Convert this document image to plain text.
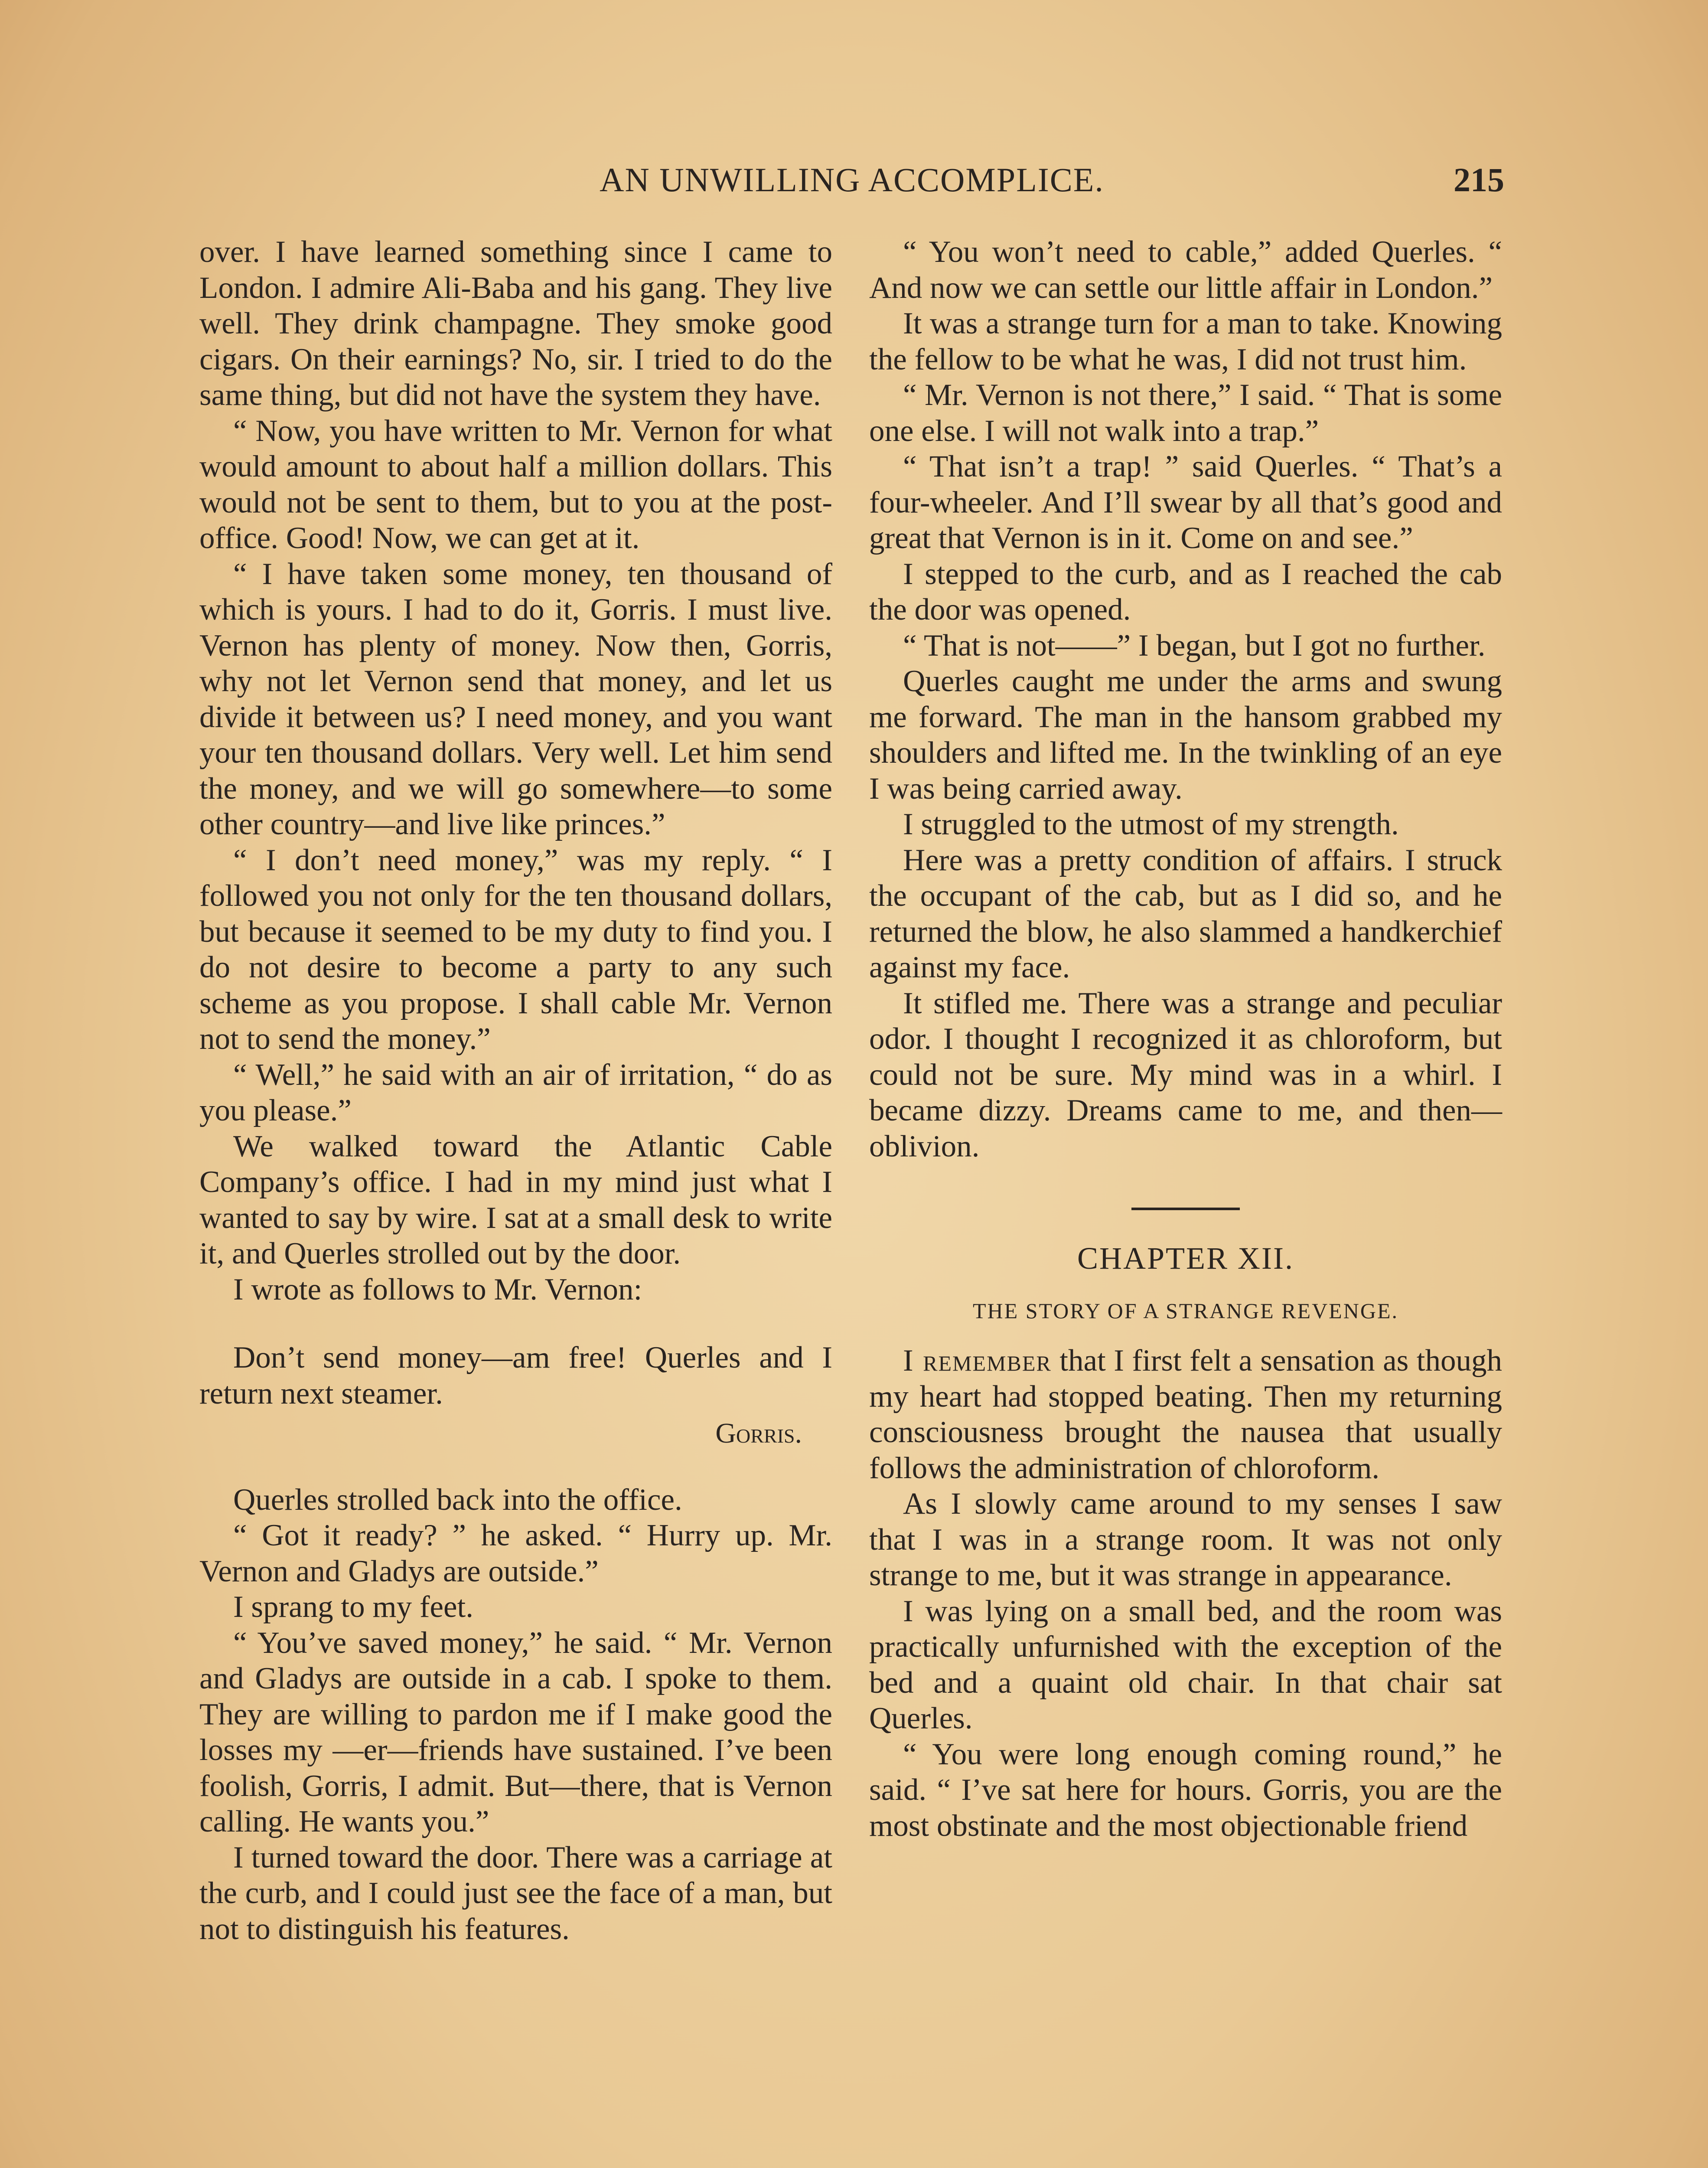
AN UNWILLING ACCOMPLICE.	215

over. I have learned something since I came to London. I admire Ali-Baba and his gang. They live well. They drink champagne. They smoke good cigars. On their earnings? No, sir. I tried to do the same thing, but did not have the system they have.

“ Now, you have written to Mr. Vernon for what would amount to about half a million dollars. This would not be sent to them, but to you at the post-office. Good! Now, we can get at it.

“ I have taken some money, ten thousand of which is yours. I had to do it, Gorris. I must live. Vernon has plenty of money. Now then, Gorris, why not let Vernon send that money, and let us divide it between us? I need money, and you want your ten thousand dollars. Very well. Let him send the money, and we will go somewhere—to some other country—and live like princes.”

“ I don’t need money,” was my reply. “ I followed you not only for the ten thousand dollars, but because it seemed to be my duty to find you. I do not desire to become a party to any such scheme as you propose. I shall cable Mr. Vernon not to send the money.”

“ Well,” he said with an air of irritation, “ do as you please.”

We walked toward the Atlantic Cable Company’s office. I had in my mind just what I wanted to say by wire. I sat at a small desk to write it, and Querles strolled out by the door.

I wrote as follows to Mr. Vernon:

Don’t send money—am free! Querles and I return next steamer.

Gorris.

Querles strolled back into the office.

“ Got it ready? ” he asked. “ Hurry up. Mr. Vernon and Gladys are outside.”

I sprang to my feet.

“ You’ve saved money,” he said. “ Mr. Vernon and Gladys are outside in a cab. I spoke to them. They are willing to pardon me if I make good the losses my —er—friends have sustained. I’ve been foolish, Gorris, I admit. But—there, that is Vernon calling. He wants you.”

I turned toward the door. There was a carriage at the curb, and I could just see the face of a man, but not to distinguish his features.

“ You won’t need to cable,” added Querles. “ And now we can settle our little affair in London.”

It was a strange turn for a man to take. Knowing the fellow to be what he was, I did not trust him.

“ Mr. Vernon is not there,” I said. “ That is some one else. I will not walk into a trap.”

“ That isn’t a trap! ” said Querles. “ That’s a four-wheeler. And I’ll swear by all that’s good and great that Vernon is in it. Come on and see.”

I stepped to the curb, and as I reached the cab the door was opened.

“ That is not——” I began, but I got no further.

Querles caught me under the arms and swung me forward. The man in the hansom grabbed my shoulders and lifted me. In the twinkling of an eye I was being carried away.

I struggled to the utmost of my strength.

Here was a pretty condition of affairs. I struck the occupant of the cab, but as I did so, and he returned the blow, he also slammed a handkerchief against my face.

It stifled me. There was a strange and peculiar odor. I thought I recognized it as chloroform, but could not be sure. My mind was in a whirl. I became dizzy. Dreams came to me, and then—oblivion.

CHAPTER XII.
THE STORY OF A STRANGE REVENGE.

I remember that I first felt a sensation as though my heart had stopped beating. Then my returning consciousness brought the nausea that usually follows the administration of chloroform.

As I slowly came around to my senses I saw that I was in a strange room. It was not only strange to me, but it was strange in appearance.

I was lying on a small bed, and the room was practically unfurnished with the exception of the bed and a quaint old chair. In that chair sat Querles.

“ You were long enough coming round,” he said. “ I’ve sat here for hours. Gorris, you are the most obstinate and the most objectionable friend
